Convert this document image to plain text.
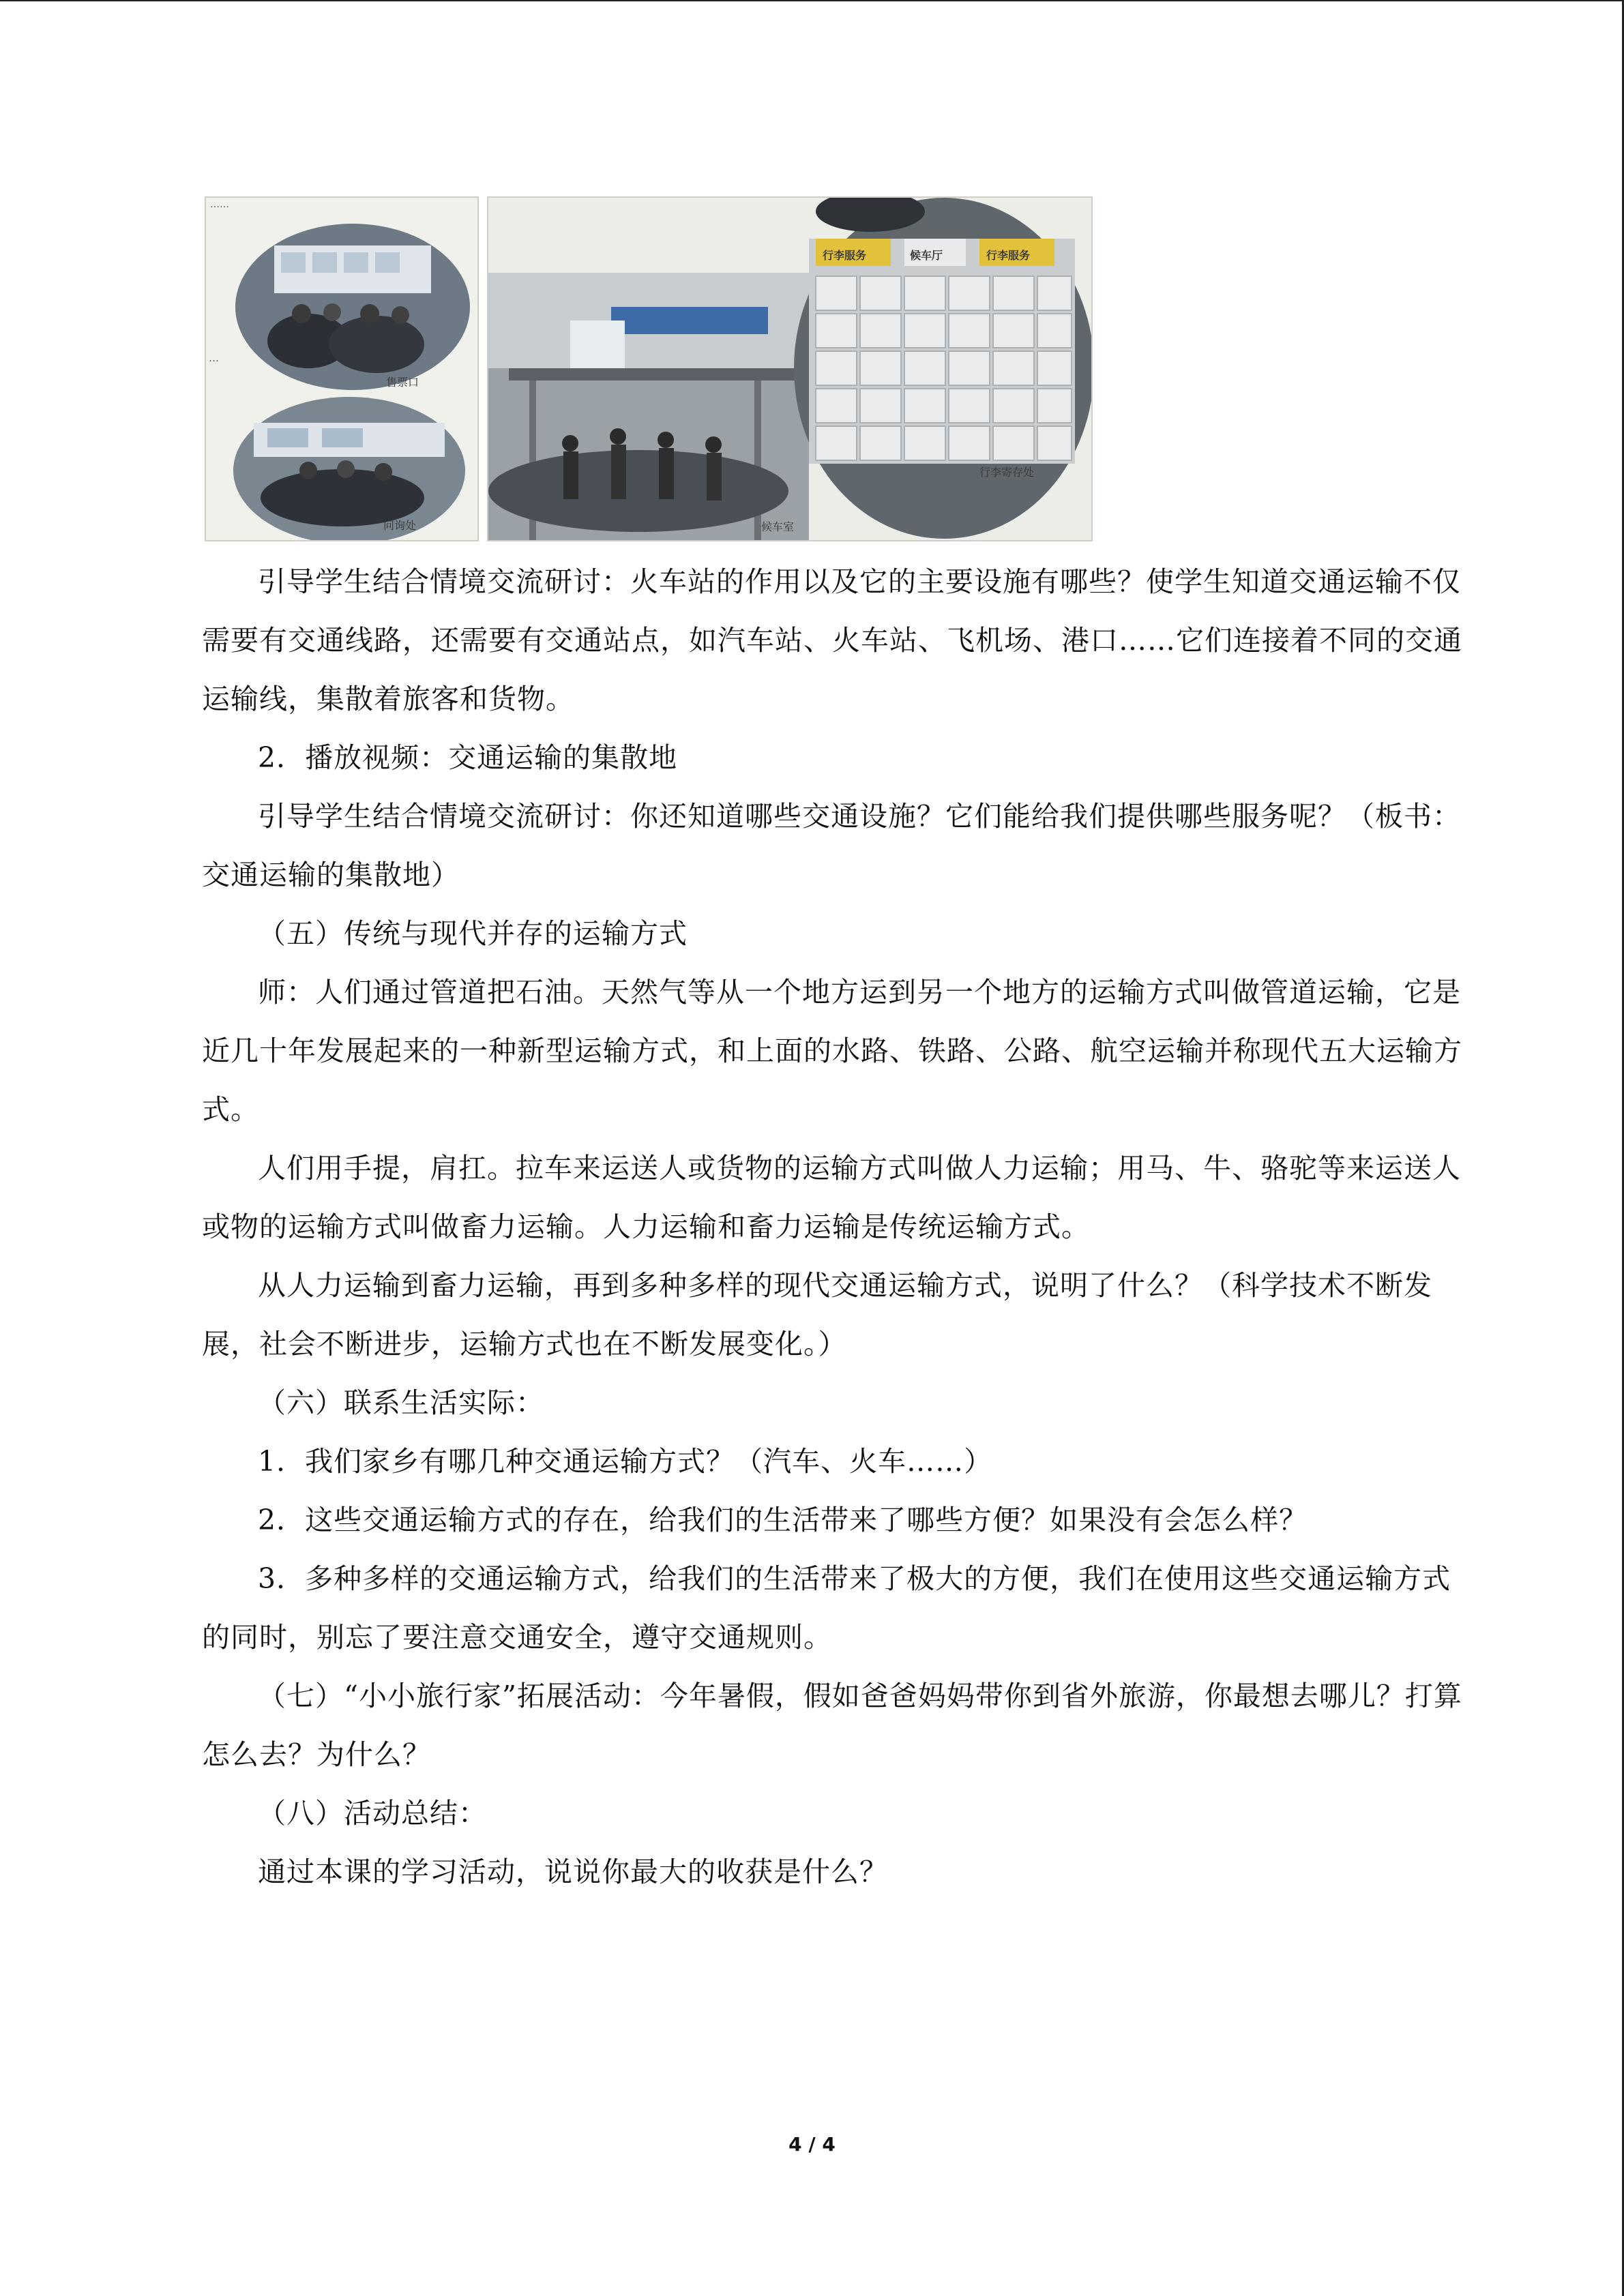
……
…
售票口
问询处
行李服务	候车厅	行李服务
候车室
行李寄存处

引导学生结合情境交流研讨：火车站的作用以及它的主要设施有哪些？使学生知道交通运输不仅需要有交通线路，还需要有交通站点，如汽车站、火车站、飞机场、港口……它们连接着不同的交通运输线，集散着旅客和货物。

2．播放视频：交通运输的集散地

引导学生结合情境交流研讨：你还知道哪些交通设施？它们能给我们提供哪些服务呢？（板书：交通运输的集散地）

（五）传统与现代并存的运输方式

师：人们通过管道把石油。天然气等从一个地方运到另一个地方的运输方式叫做管道运输，它是近几十年发展起来的一种新型运输方式，和上面的水路、铁路、公路、航空运输并称现代五大运输方式。

人们用手提，肩扛。拉车来运送人或货物的运输方式叫做人力运输；用马、牛、骆驼等来运送人或物的运输方式叫做畜力运输。人力运输和畜力运输是传统运输方式。

从人力运输到畜力运输，再到多种多样的现代交通运输方式，说明了什么？（科学技术不断发展，社会不断进步，运输方式也在不断发展变化。）

（六）联系生活实际：

1．我们家乡有哪几种交通运输方式？（汽车、火车……）

2．这些交通运输方式的存在，给我们的生活带来了哪些方便？如果没有会怎么样？

3．多种多样的交通运输方式，给我们的生活带来了极大的方便，我们在使用这些交通运输方式的同时，别忘了要注意交通安全，遵守交通规则。

（七）“小小旅行家”拓展活动：今年暑假，假如爸爸妈妈带你到省外旅游，你最想去哪儿？打算怎么去？为什么？

（八）活动总结：

通过本课的学习活动，说说你最大的收获是什么？

4 / 4
